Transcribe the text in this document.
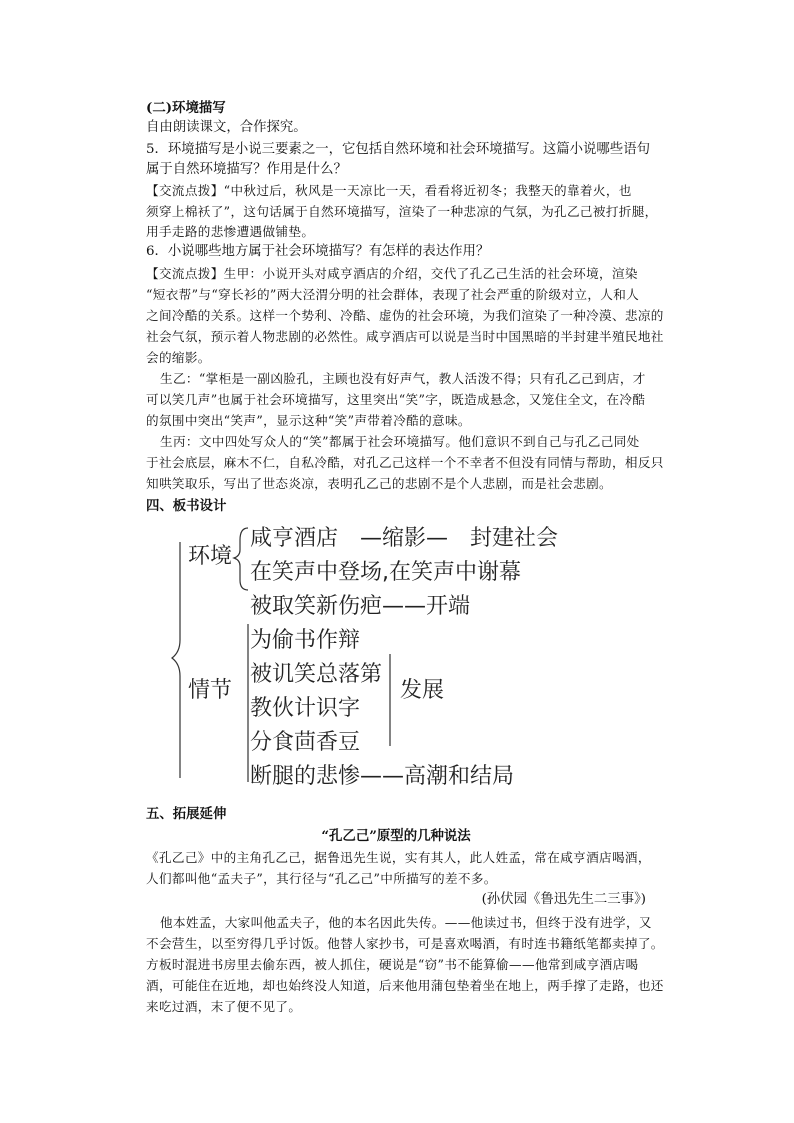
(二)环境描写
自由朗读课文，合作探究。
5．环境描写是小说三要素之一，它包括自然环境和社会环境描写。这篇小说哪些语句
属于自然环境描写？作用是什么？
【交流点拨】“中秋过后，秋风是一天凉比一天，看看将近初冬；我整天的靠着火，也
须穿上棉袄了”，这句话属于自然环境描写，渲染了一种悲凉的气氛，为孔乙己被打折腿，
用手走路的悲惨遭遇做铺垫。
6．小说哪些地方属于社会环境描写？有怎样的表达作用？
【交流点拨】生甲：小说开头对咸亨酒店的介绍，交代了孔乙己生活的社会环境，渲染
“短衣帮”与“穿长衫的”两大泾渭分明的社会群体，表现了社会严重的阶级对立，人和人
之间冷酷的关系。这样一个势利、冷酷、虚伪的社会环境，为我们渲染了一种冷漠、悲凉的
社会气氛，预示着人物悲剧的必然性。咸亨酒店可以说是当时中国黑暗的半封建半殖民地社
会的缩影。
生乙：“掌柜是一副凶脸孔，主顾也没有好声气，教人活泼不得；只有孔乙己到店，才
可以笑几声”也属于社会环境描写，这里突出“笑”字，既造成悬念，又笼住全文，在冷酷
的氛围中突出“笑声”，显示这种“笑”声带着冷酷的意味。
生丙：文中四处写众人的“笑”都属于社会环境描写。他们意识不到自己与孔乙己同处
于社会底层，麻木不仁，自私冷酷，对孔乙己这样一个不幸者不但没有同情与帮助，相反只
知哄笑取乐，写出了世态炎凉，表明孔乙己的悲剧不是个人悲剧，而是社会悲剧。
四、板书设计
环境
咸亨酒店　—缩影—　封建社会
在笑声中登场,在笑声中谢幕
被取笑新伤疤——开端
为偷书作辩
情节
被讥笑总落第
发展
教伙计识字
分食茴香豆
断腿的悲惨——高潮和结局
五、拓展延伸
“孔乙己”原型的几种说法
《孔乙己》中的主角孔乙己，据鲁迅先生说，实有其人，此人姓孟，常在咸亨酒店喝酒，
人们都叫他“孟夫子”，其行径与“孔乙己”中所描写的差不多。
(孙伏园《鲁迅先生二三事》)
他本姓孟，大家叫他孟夫子，他的本名因此失传。——他读过书，但终于没有进学，又
不会营生，以至穷得几乎讨饭。他替人家抄书，可是喜欢喝酒，有时连书籍纸笔都卖掉了。
方板时混进书房里去偷东西，被人抓住，硬说是“窃”书不能算偷——他常到咸亨酒店喝
酒，可能住在近地，却也始终没人知道，后来他用蒲包垫着坐在地上，两手撑了走路，也还
来吃过酒，末了便不见了。
